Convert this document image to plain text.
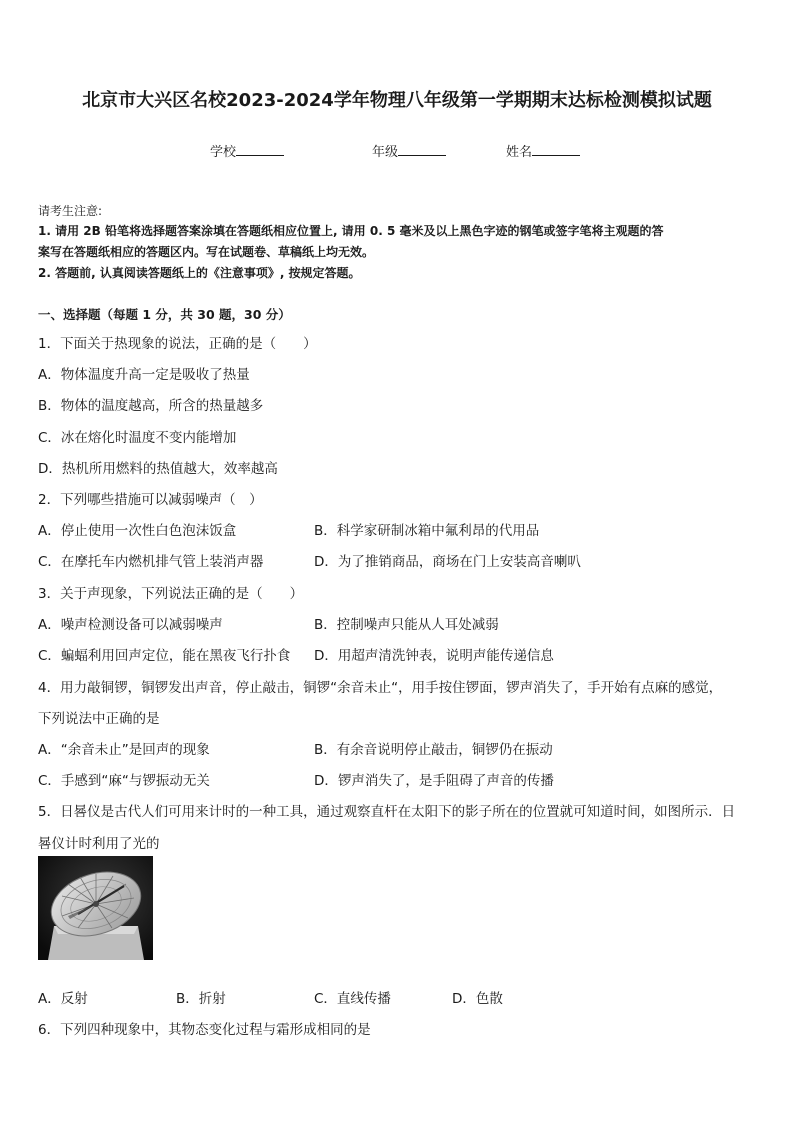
北京市大兴区名校2023-2024学年物理八年级第一学期期末达标检测模拟试题
学校	年级	姓名
请考生注意:
1. 请用 2B 铅笔将选择题答案涂填在答题纸相应位置上, 请用 0. 5 毫米及以上黑色字迹的钢笔或签字笔将主观题的答
案写在答题纸相应的答题区内。写在试题卷、草稿纸上均无效。
2. 答题前, 认真阅读答题纸上的《注意事项》, 按规定答题。
一、选择题（每题 1 分，共 30 题，30 分）
1．下面关于热现象的说法，正确的是（　　）
A．物体温度升高一定是吸收了热量
B．物体的温度越高，所含的热量越多
C．冰在熔化时温度不变内能增加
D．热机所用燃料的热值越大，效率越高
2．下列哪些措施可以减弱噪声（　）
A．停止使用一次性白色泡沫饭盒	B．科学家研制冰箱中氟利昂的代用品
C．在摩托车内燃机排气管上装消声器	D．为了推销商品，商场在门上安装高音喇叭
3．关于声现象，下列说法正确的是（　　）
A．噪声检测设备可以减弱噪声	B．控制噪声只能从人耳处减弱
C．蝙蝠利用回声定位，能在黑夜飞行扑食 D．用超声清洗钟表，说明声能传递信息
4．用力敲铜锣，铜锣发出声音，停止敲击，铜锣“余音未止“，用手按住锣面，锣声消失了，手开始有点麻的感觉，
下列说法中正确的是
A．“余音未止”是回声的现象	B．有余音说明停止敲击，铜锣仍在振动
C．手感到“麻“与锣振动无关	D．锣声消失了，是手阻碍了声音的传播
5．日晷仪是古代人们可用来计时的一种工具，通过观察直杆在太阳下的影子所在的位置就可知道时间，如图所示．日
晷仪计时利用了光的
A．反射	B．折射	C．直线传播	D．色散
6．下列四种现象中，其物态变化过程与霜形成相同的是
